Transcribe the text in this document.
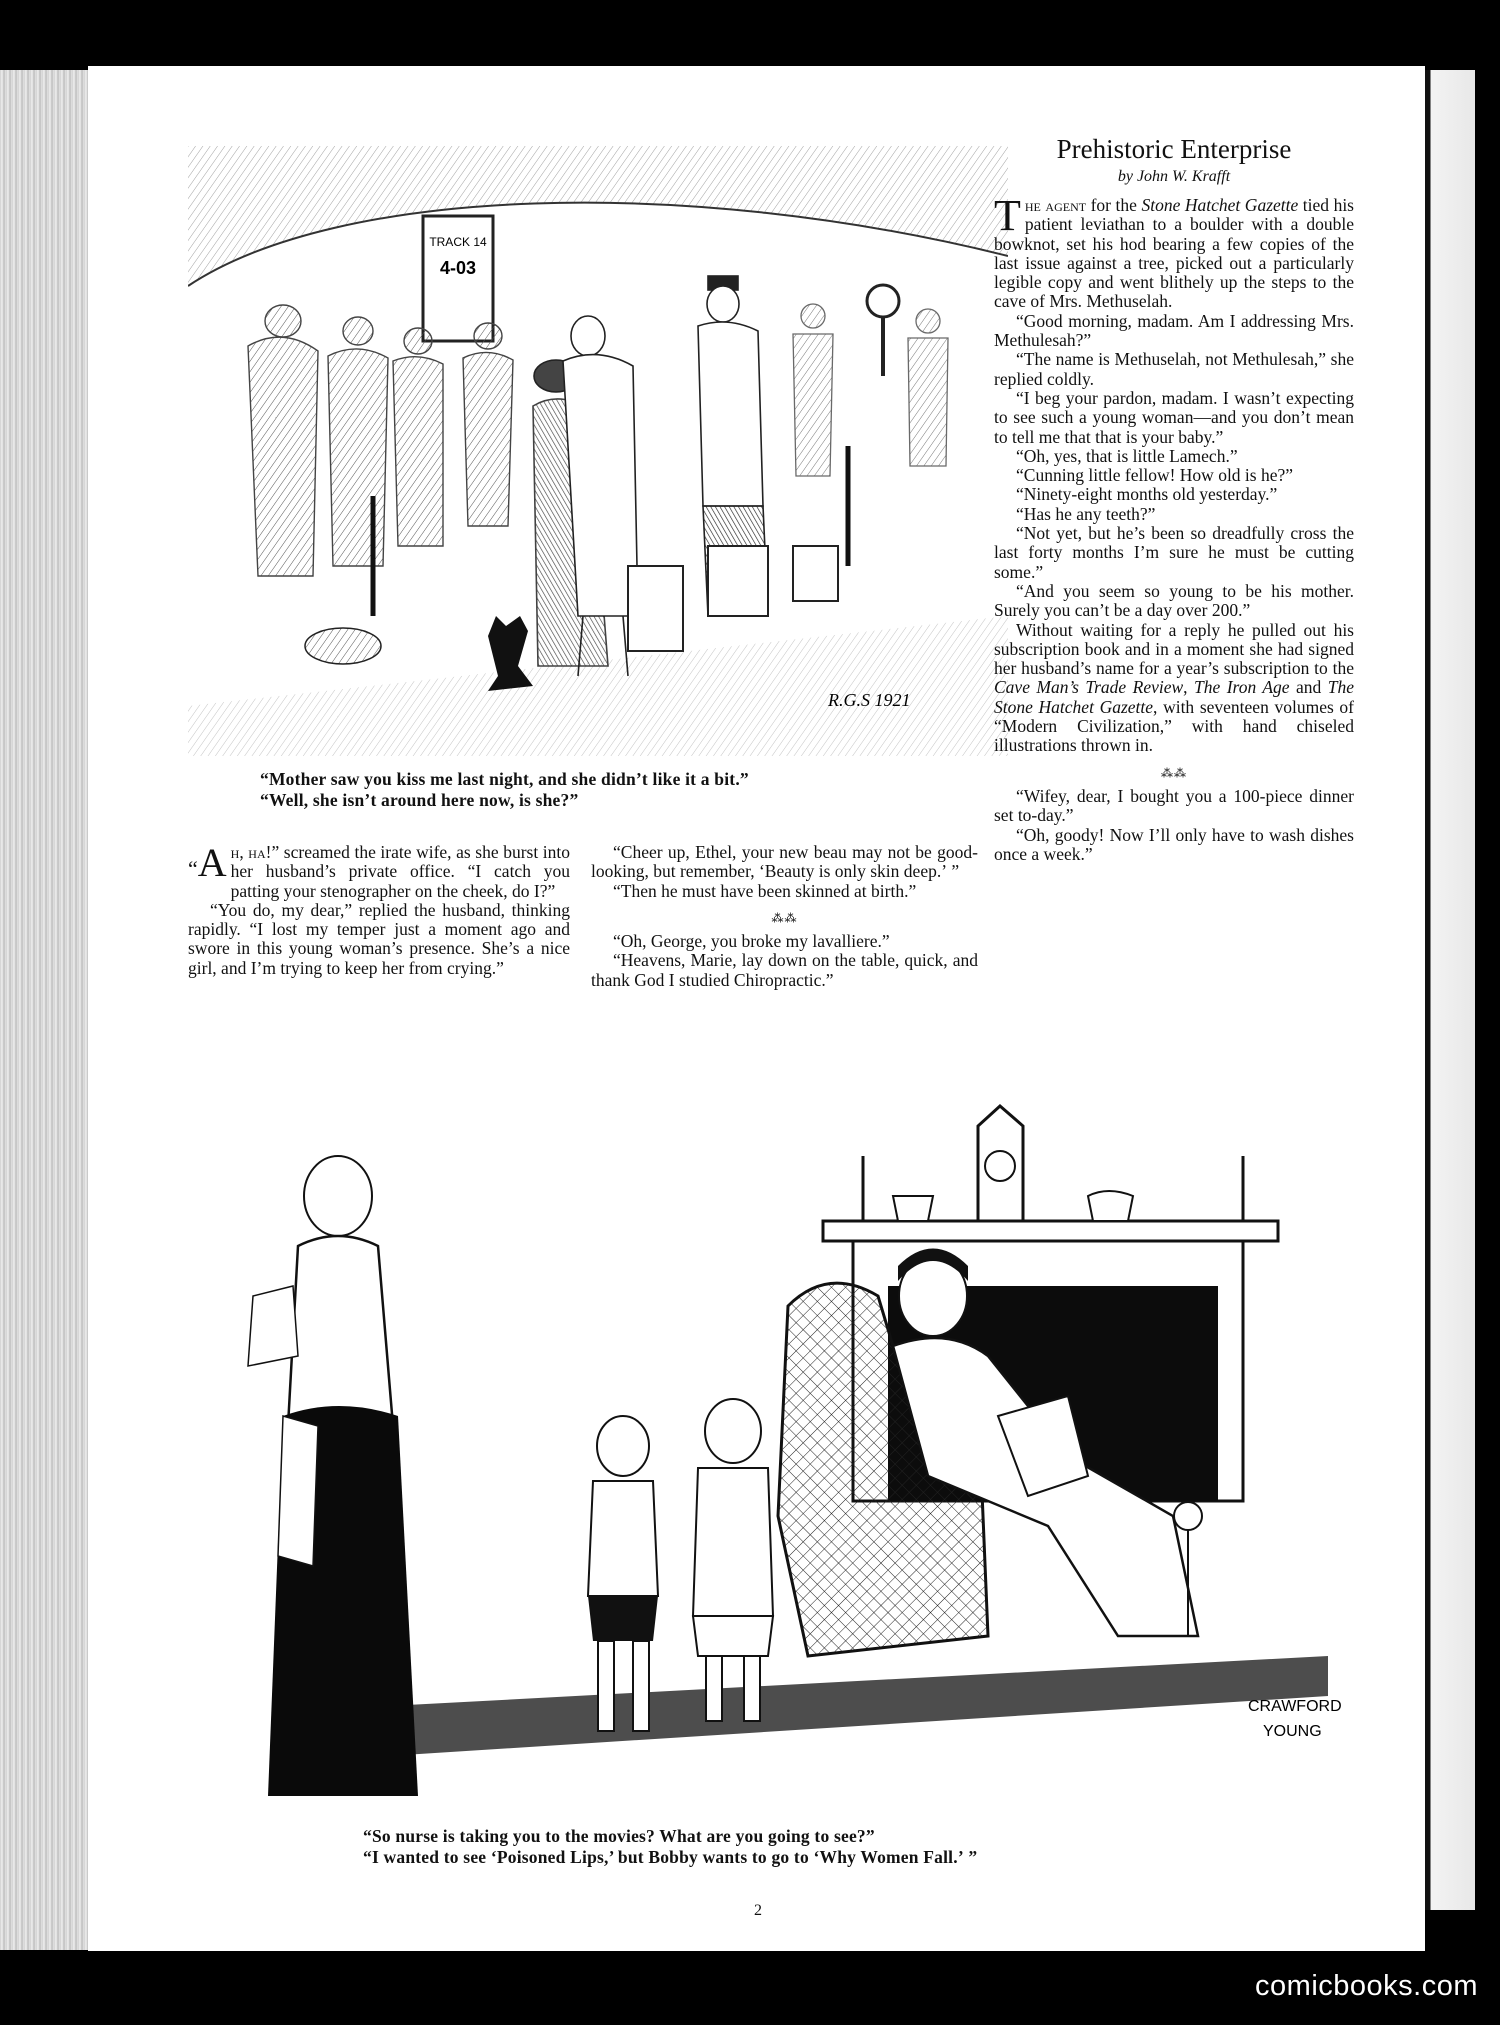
TRACK 14
4-03
R.G.S 1921
“Mother saw you kiss me last night, and she didn’t like it a bit.”
“Well, she isn’t around here now, is she?”
Prehistoric Enterprise
by John W. Krafft

The agent for the Stone Hatchet Gazette tied his patient leviathan to a boulder with a double bowknot, set his hod bearing a few copies of the last issue against a tree, picked out a particularly legible copy and went blithely up the steps to the cave of Mrs. Methuselah.

“Good morning, madam. Am I addressing Mrs. Methulesah?”

“The name is Methuselah, not Methulesah,” she replied coldly.

“I beg your pardon, madam. I wasn’t expecting to see such a young woman—and you don’t mean to tell me that that is your baby.”

“Oh, yes, that is little Lamech.”

“Cunning little fellow! How old is he?”

“Ninety-eight months old yesterday.”

“Has he any teeth?”

“Not yet, but he’s been so dreadfully cross the last forty months I’m sure he must be cutting some.”

“And you seem so young to be his mother. Surely you can’t be a day over 200.”

Without waiting for a reply he pulled out his subscription book and in a moment she had signed her husband’s name for a year’s subscription to the Cave Man’s Trade Review, The Iron Age and The Stone Hatchet Gazette, with seventeen volumes of “Modern Civilization,” with hand chiseled illustrations thrown in.

⁂⁂

“Wifey, dear, I bought you a 100-piece dinner set to-day.”

“Oh, goody! Now I’ll only have to wash dishes once a week.”

“A h, ha!” screamed the irate wife, as she burst into her husband’s private office. “I catch you patting your stenographer on the cheek, do I?”

“You do, my dear,” replied the husband, thinking rapidly. “I lost my temper just a moment ago and swore in this young woman’s presence. She’s a nice girl, and I’m trying to keep her from crying.”

“Cheer up, Ethel, your new beau may not be good-looking, but remember, ‘Beauty is only skin deep.’ ”

“Then he must have been skinned at birth.”

⁂⁂

“Oh, George, you broke my lavalliere.”

“Heavens, Marie, lay down on the table, quick, and thank God I studied Chiropractic.”

CRAWFORD
YOUNG
“So nurse is taking you to the movies? What are you going to see?”
“I wanted to see ‘Poisoned Lips,’ but Bobby wants to go to ‘Why Women Fall.’ ”
2
comicbooks.com
